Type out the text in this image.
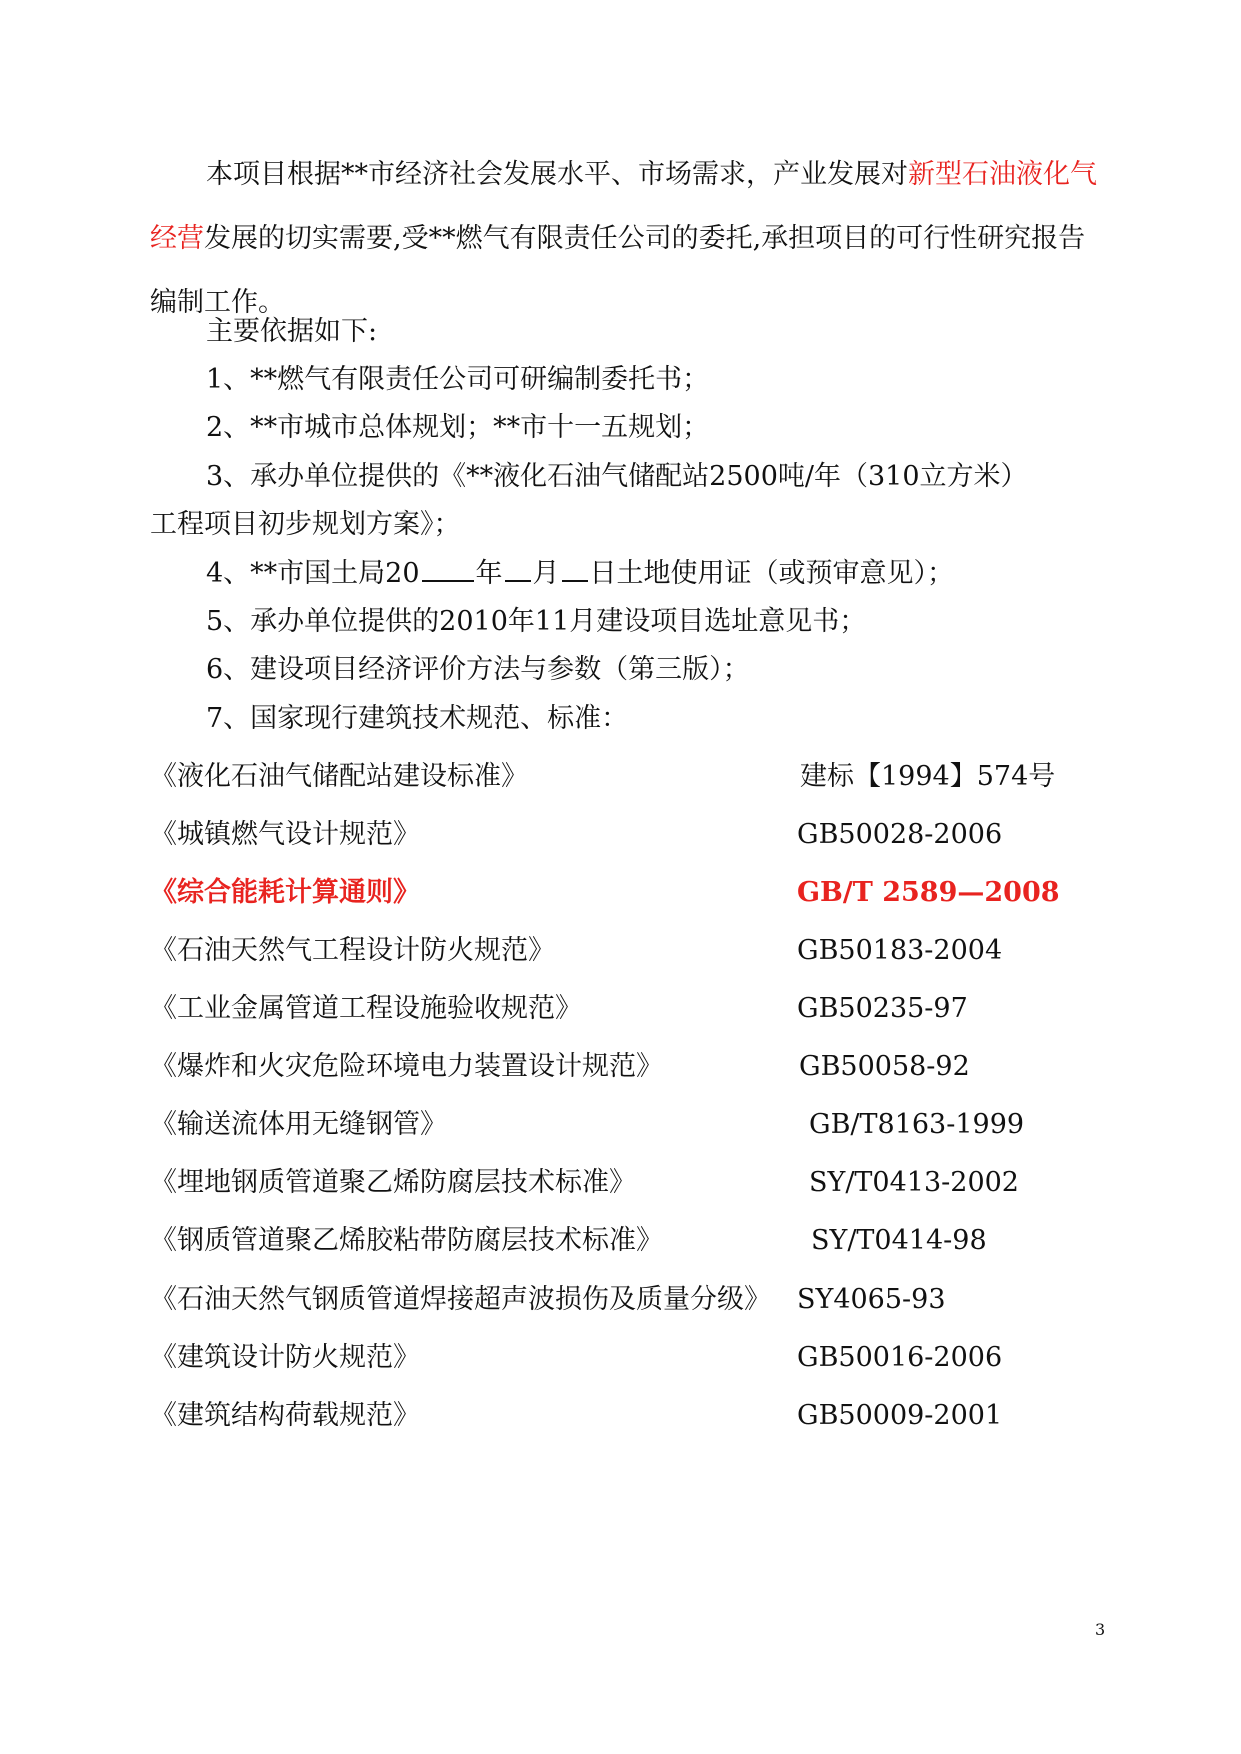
本项目根据**市经济社会发展水平、市场需求，产业发展对新型石油液化气经营发展的切实需要,受**燃气有限责任公司的委托,承担项目的可行性研究报告编制工作。

主要依据如下:
1、**燃气有限责任公司可研编制委托书；
2、**市城市总体规划；**市十一五规划；
3、承办单位提供的《**液化石油气储配站2500吨/年（310立方米）
工程项目初步规划方案》；
4、**市国土局20 年 月 日土地使用证（或预审意见）；
5、承办单位提供的2010年11月建设项目选址意见书；
6、建设项目经济评价方法与参数（第三版）；
7、国家现行建筑技术规范、标准：
《液化石油气储配站建设标准》	建标【1994】574号
《城镇燃气设计规范》	GB50028-2006
《综合能耗计算通则》	GB/T 2589—2008
《石油天然气工程设计防火规范》	GB50183-2004
《工业金属管道工程设施验收规范》	GB50235-97
《爆炸和火灾危险环境电力装置设计规范》	GB50058-92
《输送流体用无缝钢管》	GB/T8163-1999
《埋地钢质管道聚乙烯防腐层技术标准》	SY/T0413-2002
《钢质管道聚乙烯胶粘带防腐层技术标准》	SY/T0414-98
《石油天然气钢质管道焊接超声波损伤及质量分级》 SY4065-93
《建筑设计防火规范》	GB50016-2006
《建筑结构荷载规范》	GB50009-2001
3
